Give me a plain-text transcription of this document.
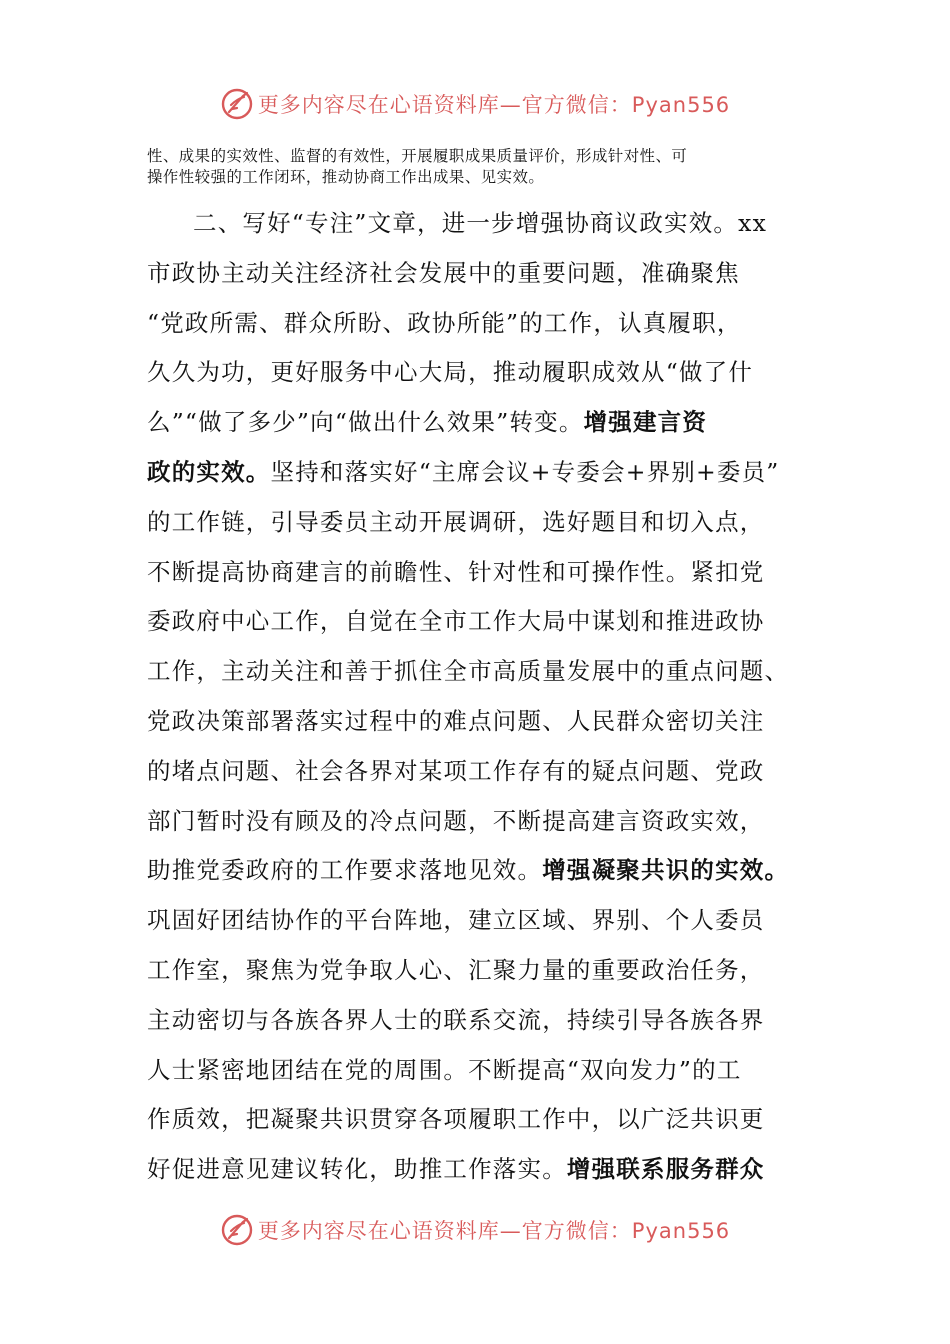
更多内容尽在心语资料库—官方微信：Pyan556
性、成果的实效性、监督的有效性，开展履职成果质量评价，形成针对性、可
操作性较强的工作闭环，推动协商工作出成果、见实效。
二、写好“专注”文章，进一步增强协商议政实效。xx
市政协主动关注经济社会发展中的重要问题，准确聚焦
“党政所需、群众所盼、政协所能”的工作，认真履职，
久久为功，更好服务中心大局，推动履职成效从“做了什
么”“做了多少”向“做出什么效果”转变。增强建言资
政的实效。坚持和落实好“主席会议+专委会+界别+委员”
的工作链，引导委员主动开展调研，选好题目和切入点，
不断提高协商建言的前瞻性、针对性和可操作性。紧扣党
委政府中心工作，自觉在全市工作大局中谋划和推进政协
工作，主动关注和善于抓住全市高质量发展中的重点问题、
党政决策部署落实过程中的难点问题、人民群众密切关注
的堵点问题、社会各界对某项工作存有的疑点问题、党政
部门暂时没有顾及的冷点问题，不断提高建言资政实效，
助推党委政府的工作要求落地见效。增强凝聚共识的实效。
巩固好团结协作的平台阵地，建立区域、界别、个人委员
工作室，聚焦为党争取人心、汇聚力量的重要政治任务，
主动密切与各族各界人士的联系交流，持续引导各族各界
人士紧密地团结在党的周围。不断提高“双向发力”的工
作质效，把凝聚共识贯穿各项履职工作中，以广泛共识更
好促进意见建议转化，助推工作落实。增强联系服务群众
更多内容尽在心语资料库—官方微信：Pyan556
